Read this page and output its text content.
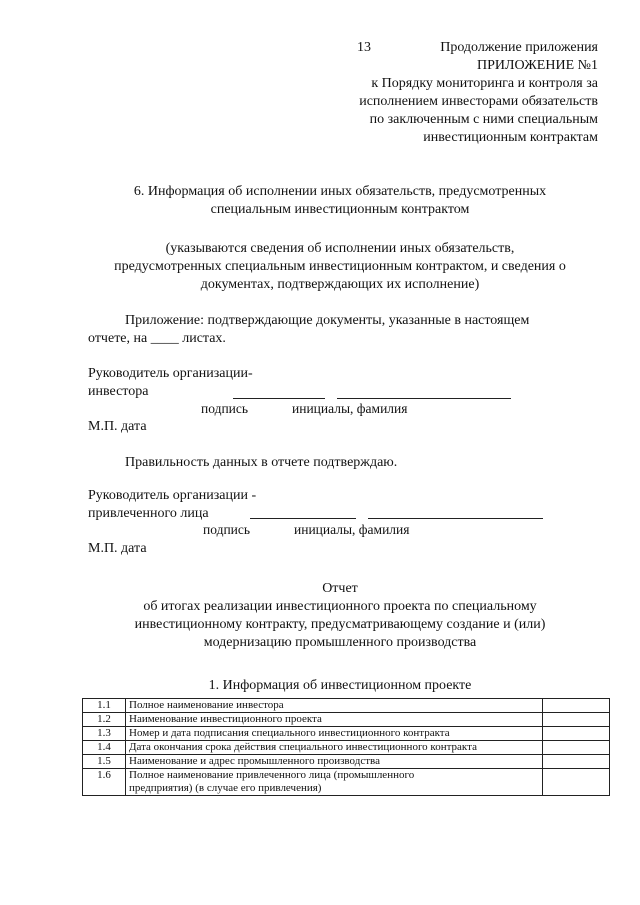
13	Продолжение приложения
ПРИЛОЖЕНИЕ №1
к Порядку мониторинга и контроля за
исполнением инвесторами обязательств
по заключенным с ними специальным
инвестиционным контрактам
6. Информация об исполнении иных обязательств, предусмотренных
специальным инвестиционным контрактом
(указываются сведения об исполнении иных обязательств,
предусмотренных специальным инвестиционным контрактом, и сведения о
документах, подтверждающих их исполнение)
Приложение: подтверждающие документы, указанные в настоящем
отчете, на ____ листах.
Руководитель организации-
инвестора
подпись	инициалы, фамилия
М.П. дата
Правильность данных в отчете подтверждаю.
Руководитель организации -
привлеченного лица
подпись	инициалы, фамилия
М.П. дата
Отчет
об итогах реализации инвестиционного проекта по специальному
инвестиционному контракту, предусматривающему создание и (или)
модернизацию промышленного производства
1. Информация об инвестиционном проекте
1.1	Полное наименование инвестора	
1.2	Наименование инвестиционного проекта	
1.3	Номер и дата подписания специального инвестиционного контракта	
1.4	Дата окончания срока действия специального инвестиционного контракта	
1.5	Наименование и адрес промышленного производства	
1.6	Полное наименование привлеченного лица (промышленного предприятия) (в случае его привлечения)	
